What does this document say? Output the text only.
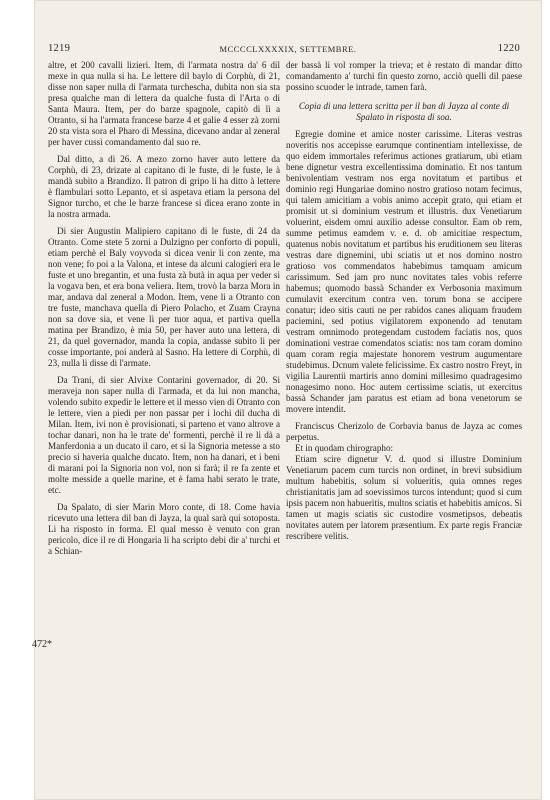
1219	MCCCCLXXXXIX, SETTEMBRE.	1220
472*

altre, et 200 cavalli lizieri. Item, di l'armata nostra da' 6 dil mexe in qua nulla si ha. Le lettere dil baylo di Corphù, di 21, disse non saper nulla di l'armata turchescha, dubita non sia sta presa qualche man di lettera da qualche fusta di l'Arta o di Santa Maura. Item, per do barze spagnole, capitò di lì a Otranto, si ha l'armata francese barze 4 et galie 4 esser zà zorni 20 sta vista sora el Pharo di Messina, dicevano andar al zeneral per haver cussì comandamento dal suo re.

Dal ditto, a dì 26. A mezo zorno haver auto lettere da Corphù, di 23, drizate al capitano di le fuste, di le fuste, le à mandà subito a Brandizo. Il patron di gripo li ha ditto à lettere è flambulari sotto Lepanto, et si aspetava etiam la persona del Signor turcho, et che le barze francese si dicea erano zonte in la nostra armada.

Di sier Augustin Malipiero capitano di le fuste, di 24 da Otranto. Come stete 5 zorni a Dulzigno per conforto di populi, etiam perchè el Baly voyvoda si dicea venir li con zente, ma non vene; fo poi a la Valona, et intese da alcuni calogieri era le fuste et uno bregantin, et una fusta zà butà in aqua per veder si la vogava ben, et era bona veliera. Item, trovò la barza Mora in mar, andava dal zeneral a Modon. Item, vene li a Otranto con tre fuste, manchava quella di Piero Polacho, et Zuam Crayna non sa dove sia, et vene lì per tuor aqua, et partiva quella matina per Brandizo, è mia 50, per haver auto una lettera, di 21, da quel governador, manda la copia, andasse subito li per cosse importante, poi anderà al Sasno. Ha lettere di Corphù, di 23, nulla li disse di l'armate.

Da Trani, di sier Alvixe Contarini governador, di 20. Si meraveja non saper nulla di l'armada, et da lui non mancha, volendo subito expedir le lettere et il messo vien di Otranto con le lettere, vien a piedi per non passar per i lochi dil ducha di Milan. Item, ivi non è provisionati, si parteno et vano altrove a tochar danari, non ha le trate de' formenti, perchè il re li dà a Manferdonia a un ducato il caro, et si la Signoria metesse a sto precio si haveria qualche ducato. Item, non ha danari, et i beni di marani poi la Signoria non vol, non si farà; il re fa zente et molte messide a quelle marine, et è fama habi serato le trate, etc.

Da Spalato, di sier Marin Moro conte, di 18. Come havia ricevuto una lettera dil ban di Jayza, la qual sarà qui sotoposta. Li ha risposto in forma. El qual messo è venuto con gran pericolo, dice il re di Hongaria li ha scripto debi dir a' turchi et a Schian-

der bassà li vol romper la trieva; et è restato di mandar ditto comandamento a' turchi fin questo zorno, acciò quelli dil paese possino scuoder le intrade, tamen farà.

Copia di una lettera scritta per il ban di Jayza al conte di Spalato in risposta di soa.

Egregie domine et amice noster carissime. Literas vestras noveritis nos accepisse earumque continentiam intellexisse, de quo eidem immortales referimus actiones gratiarum, ubi etiam bene dignetur vestra excellentissima dominatio. Et nos tantum benivolentiam vestram nos erga novitatum et partibus et dominio regi Hungariae domino nostro gratioso notam fecimus, qui talem amicitiam a vobis animo accepit grato, qui etiam et promisit ut si dominium vestrum et illustris. dux Venetiarum voluerint, eisdem omni auxilio adesse consultor. Eam ob rem, summe petimus eamdem v. e. d. ob amicitiae respectum, quatenus nobis novitatum et partibus his eruditionem seu literas vestras dare dignemini, ubi sciatis ut et nos domino nostro gratioso vos commendatos habebimus tamquam amicum carissimum. Sed jam pro nunc novitates tales vobis referre habemus; quomodo bassà Schander ex Verbosonia maximum cumulavit exercitum contra ven. torum bona se accipere conatur; ideo sitis cauti ne per rabidos canes aliquam fraudem paciemini, sed potius vigilatorem exponendo ad tenutam vestram omnimodo protegendam custodem faciatis nos, quos dominationi vestrae comendatos sciatis: nos tam coram domino quam coram regia majestate honorem vestrum augumentare studebimus. Dcnum valete felicissime. Ex castro nostro Freyt, in vigilia Laurentii martiris anno domini millesimo quadragesimo nonagesimo nono. Hoc autem certissime sciatis, ut exercitus bassà Schander jam paratus est etiam ad bona venetorum se movere intendit.

Franciscus Cherizolo de Corbavia banus de Jayza ac comes perpetus.

Et in quodam chirographo:

Etiam scire dignetur V. d. quod si illustre Dominium Venetiarum pacem cum turcis non ordinet, in brevi subsidium multum habebitis, solum si volueritis, quia omnes reges christianitatis jam ad soevissimos turcos intendunt; quod si cum ipsis pacem non habueritis, multos sciatis et habebitis amicos. Si tamen ut magis sciatis sic custodire vosmetipsos, debeatis novitates autem per latorem præsentium. Ex parte regis Franciæ rescribere velitis.
